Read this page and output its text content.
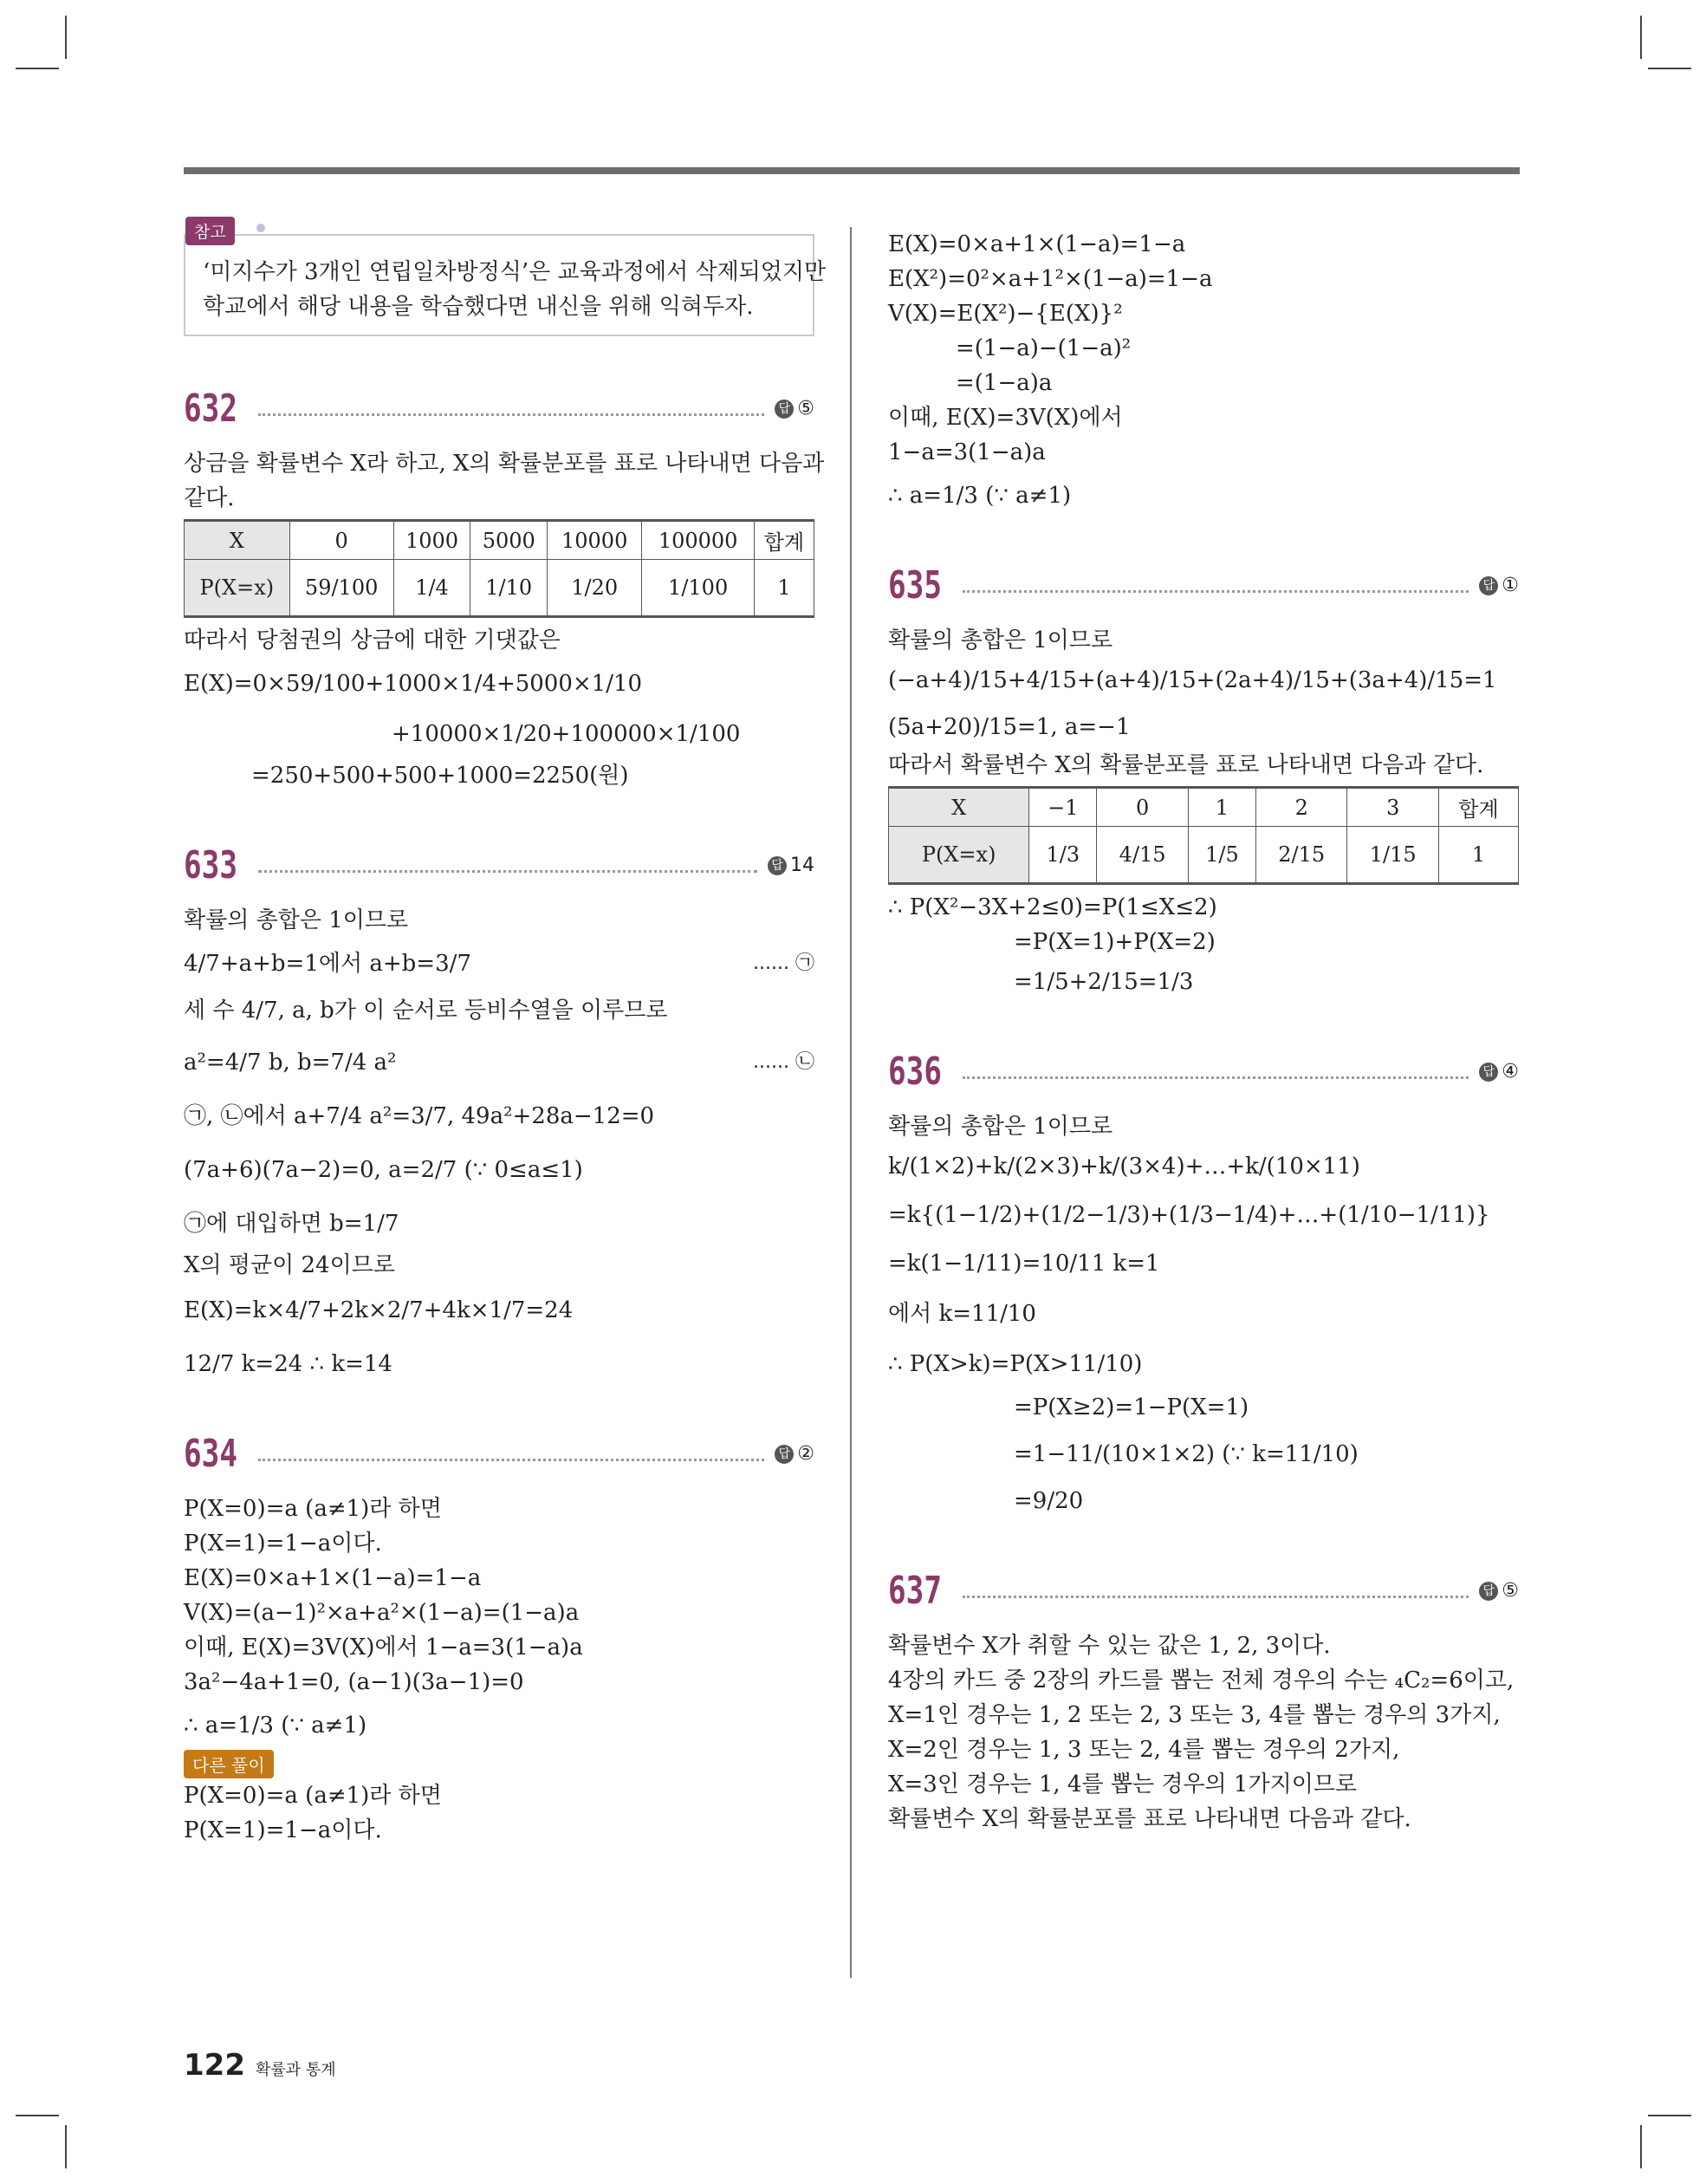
참고
‘미지수가 3개인 연립일차방정식’은 교육과정에서 삭제되었지만
학교에서 해당 내용을 학습했다면 내신을 위해 익혀두자.
632	답 ⑤
상금을 확률변수 X라 하고, X의 확률분포를 표로 나타내면 다음과
같다.
X	0	1000	5000	10000	100000	합계
P(X=x)	59/100	1/4	1/10	1/20	1/100	1
따라서 당첨권의 상금에 대한 기댓값은
E(X)=0×59/100+1000×1/4+5000×1/10
+10000×1/20+100000×1/100
=250+500+500+1000=2250(원)
633	답 14
확률의 총합은 1이므로
4/7+a+b=1에서 a+b=3/7	...... ㉠
세 수 4/7, a, b가 이 순서로 등비수열을 이루므로
a²=4/7 b, b=7/4 a²	...... ㉡
㉠, ㉡에서 a+7/4 a²=3/7, 49a²+28a−12=0
(7a+6)(7a−2)=0, a=2/7 (∵ 0≤a≤1)
㉠에 대입하면 b=1/7
X의 평균이 24이므로
E(X)=k×4/7+2k×2/7+4k×1/7=24
12/7 k=24 ∴ k=14
634	답 ②
P(X=0)=a (a≠1)라 하면
P(X=1)=1−a이다.
E(X)=0×a+1×(1−a)=1−a
V(X)=(a−1)²×a+a²×(1−a)=(1−a)a
이때, E(X)=3V(X)에서 1−a=3(1−a)a
3a²−4a+1=0, (a−1)(3a−1)=0
∴ a=1/3 (∵ a≠1)
다른 풀이
P(X=0)=a (a≠1)라 하면
P(X=1)=1−a이다.
E(X)=0×a+1×(1−a)=1−a
E(X²)=0²×a+1²×(1−a)=1−a
V(X)=E(X²)−{E(X)}²
=(1−a)−(1−a)²
=(1−a)a
이때, E(X)=3V(X)에서
1−a=3(1−a)a
∴ a=1/3 (∵ a≠1)
635	답 ①
확률의 총합은 1이므로
(−a+4)/15+4/15+(a+4)/15+(2a+4)/15+(3a+4)/15=1
(5a+20)/15=1, a=−1
따라서 확률변수 X의 확률분포를 표로 나타내면 다음과 같다.
X	−1	0	1	2	3	합계
P(X=x)	1/3	4/15	1/5	2/15	1/15	1
∴ P(X²−3X+2≤0)=P(1≤X≤2)
=P(X=1)+P(X=2)
=1/5+2/15=1/3
636	답 ④
확률의 총합은 1이므로
k/(1×2)+k/(2×3)+k/(3×4)+…+k/(10×11)
=k{(1−1/2)+(1/2−1/3)+(1/3−1/4)+…+(1/10−1/11)}
=k(1−1/11)=10/11 k=1
에서 k=11/10
∴ P(X>k)=P(X>11/10)
=P(X≥2)=1−P(X=1)
=1−11/(10×1×2) (∵ k=11/10)
=9/20
637	답 ⑤
확률변수 X가 취할 수 있는 값은 1, 2, 3이다.
4장의 카드 중 2장의 카드를 뽑는 전체 경우의 수는 ₄C₂=6이고,
X=1인 경우는 1, 2 또는 2, 3 또는 3, 4를 뽑는 경우의 3가지,
X=2인 경우는 1, 3 또는 2, 4를 뽑는 경우의 2가지,
X=3인 경우는 1, 4를 뽑는 경우의 1가지이므로
확률변수 X의 확률분포를 표로 나타내면 다음과 같다.
122 확률과 통계
